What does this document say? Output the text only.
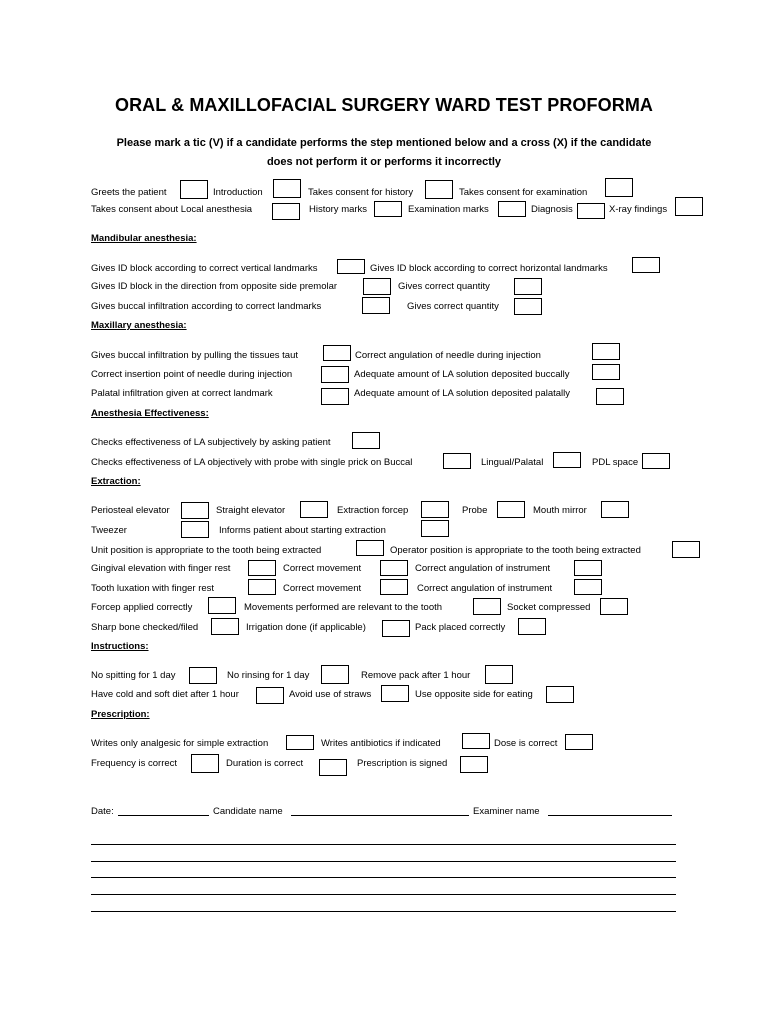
ORAL & MAXILLOFACIAL SURGERY WARD TEST PROFORMA
Please mark a tic (V) if a candidate performs the step mentioned below and a cross (X) if the candidate
does not perform it or performs it incorrectly
Greets the patient	Introduction	Takes consent for history	Takes consent for examination
Takes consent about Local anesthesia	History marks	Examination marks	Diagnosis	X-ray findings
Mandibular anesthesia:
Gives ID block according to correct vertical landmarks	Gives ID block according to correct horizontal landmarks
Gives ID block in the direction from opposite side premolar	Gives correct quantity
Gives buccal infiltration according to correct landmarks	Gives correct quantity
Maxillary anesthesia:
Gives buccal infiltration by pulling the tissues taut	Correct angulation of needle during injection
Correct insertion point of needle during injection	Adequate amount of LA solution deposited buccally
Palatal infiltration given at correct landmark	Adequate amount of LA solution deposited palatally
Anesthesia Effectiveness:
Checks effectiveness of LA subjectively by asking patient
Checks effectiveness of LA objectively with probe with single prick on Buccal	Lingual/Palatal	PDL space
Extraction:
Periosteal elevator	Straight elevator	Extraction forcep	Probe	Mouth mirror
Tweezer	Informs patient about starting extraction
Unit position is appropriate to the tooth being extracted	Operator position is appropriate to the tooth being extracted
Gingival elevation with finger rest	Correct movement	Correct angulation of instrument
Tooth luxation with finger rest	Correct movement	Correct angulation of instrument
Forcep applied correctly	Movements performed are relevant to the tooth	Socket compressed
Sharp bone checked/filed	Irrigation done (if applicable)	Pack placed correctly
Instructions:
No spitting for 1 day	No rinsing for 1 day	Remove pack after 1 hour
Have cold and soft diet after 1 hour	Avoid use of straws	Use opposite side for eating
Prescription:
Writes only analgesic for simple extraction	Writes antibiotics if indicated	Dose is correct
Frequency is correct	Duration is correct	Prescription is signed
Date:	Candidate name	Examiner name
